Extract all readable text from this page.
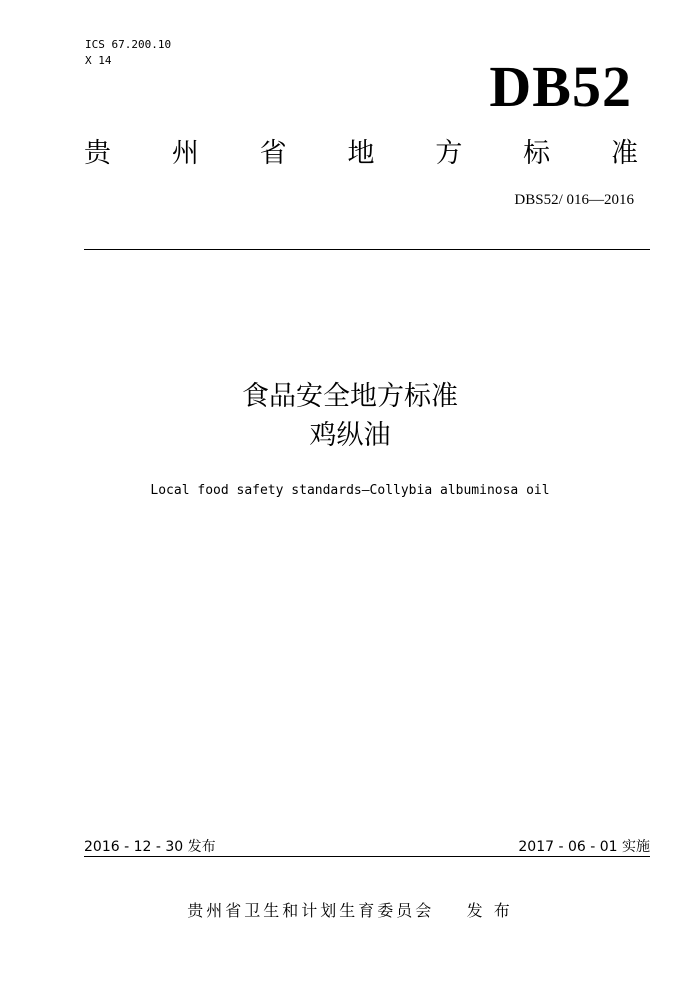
ICS 67.200.10
X 14	DB52
贵 州 省 地 方 标 准
DBS52/ 016—2016
食品安全地方标准
鸡纵油
Local food safety standards—Collybia albuminosa oil
2016 - 12 - 30 发布	2017 - 06 - 01 实施
贵州省卫生和计划生育委员会    发 布
